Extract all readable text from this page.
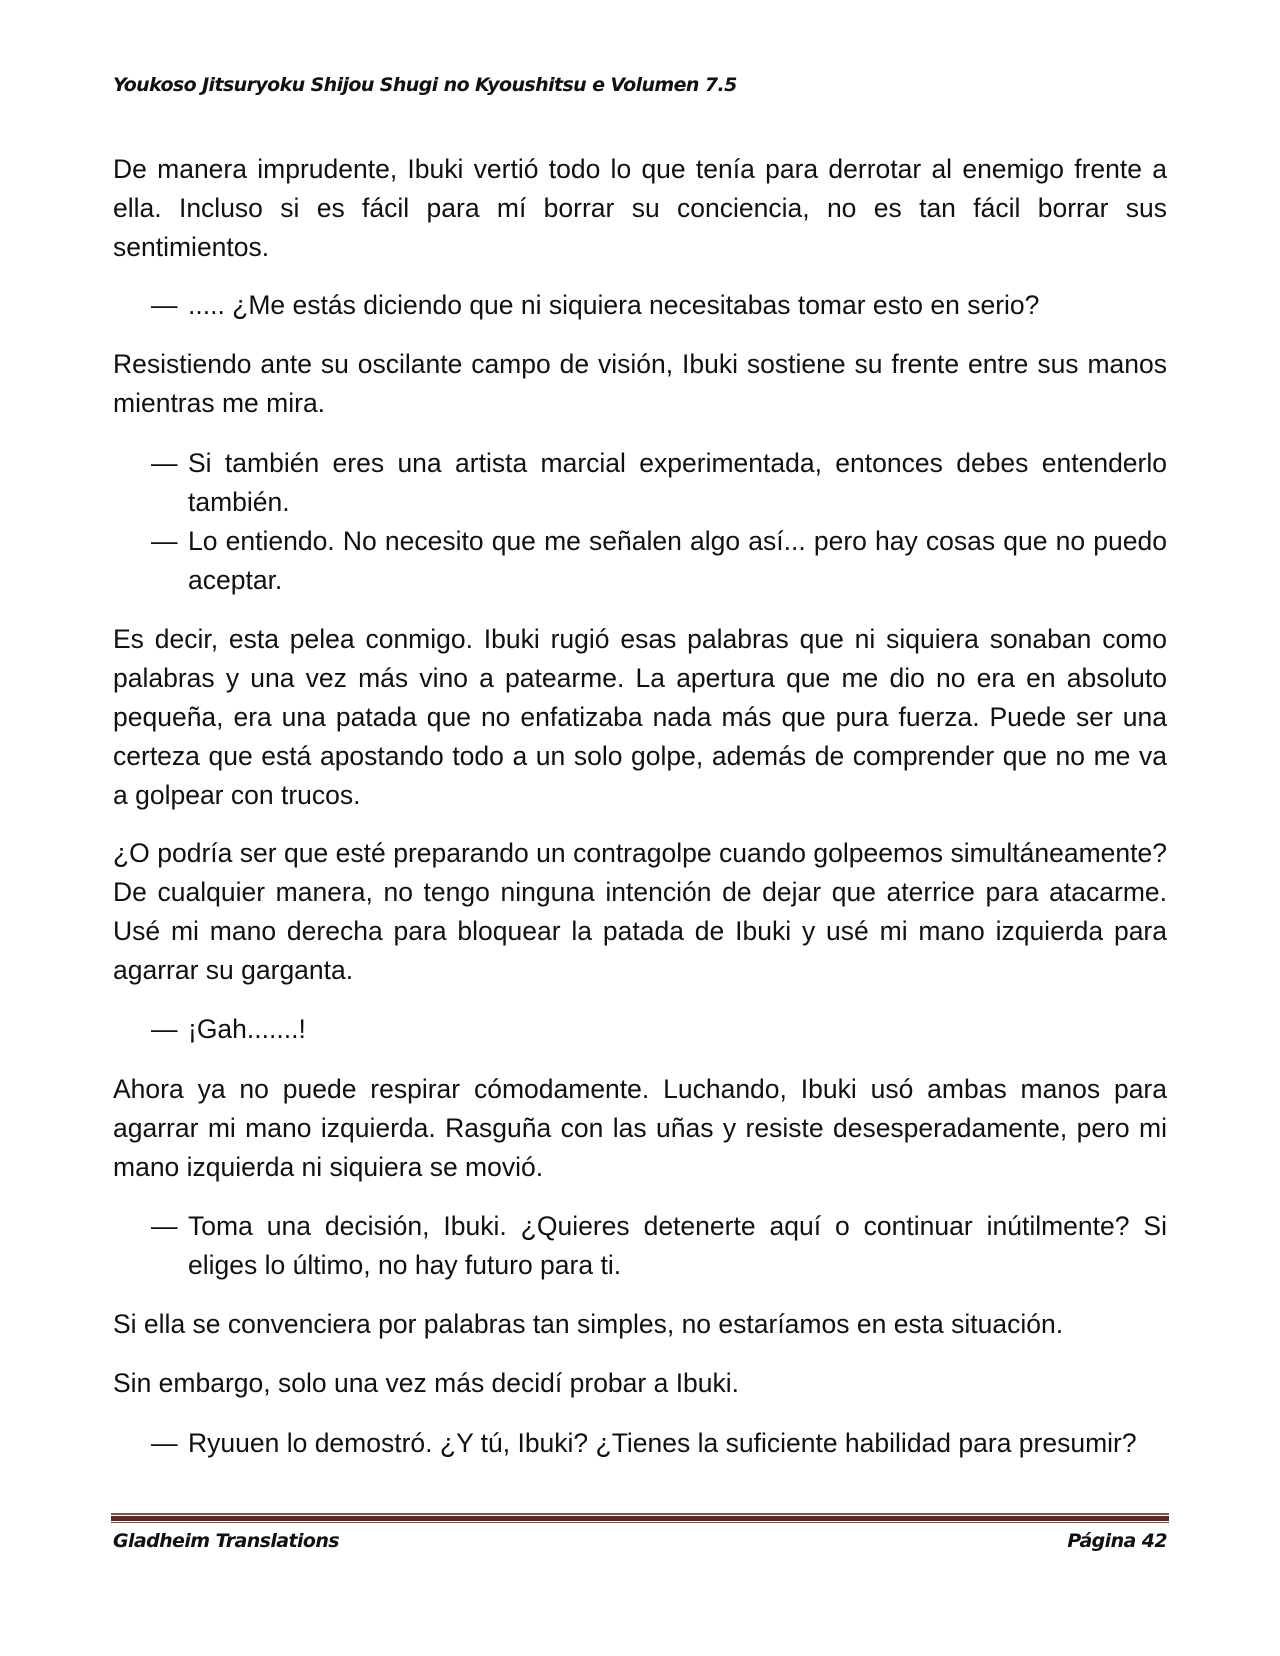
Youkoso Jitsuryoku Shijou Shugi no Kyoushitsu e Volumen 7.5
De manera imprudente, Ibuki vertió todo lo que tenía para derrotar al enemigo frente a ella. Incluso si es fácil para mí borrar su conciencia, no es tan fácil borrar sus sentimientos.
— ..... ¿Me estás diciendo que ni siquiera necesitabas tomar esto en serio?
Resistiendo ante su oscilante campo de visión, Ibuki sostiene su frente entre sus manos mientras me mira.
— Si también eres una artista marcial experimentada, entonces debes entenderlo también.
— Lo entiendo. No necesito que me señalen algo así... pero hay cosas que no puedo aceptar.
Es decir, esta pelea conmigo. Ibuki rugió esas palabras que ni siquiera sonaban como palabras y una vez más vino a patearme. La apertura que me dio no era en absoluto pequeña, era una patada que no enfatizaba nada más que pura fuerza. Puede ser una certeza que está apostando todo a un solo golpe, además de comprender que no me va a golpear con trucos.
¿O podría ser que esté preparando un contragolpe cuando golpeemos simultáneamente? De cualquier manera, no tengo ninguna intención de dejar que aterrice para atacarme. Usé mi mano derecha para bloquear la patada de Ibuki y usé mi mano izquierda para agarrar su garganta.
— ¡Gah.......!
Ahora ya no puede respirar cómodamente. Luchando, Ibuki usó ambas manos para agarrar mi mano izquierda. Rasguña con las uñas y resiste desesperadamente, pero mi mano izquierda ni siquiera se movió.
— Toma una decisión, Ibuki. ¿Quieres detenerte aquí o continuar inútilmente? Si eliges lo último, no hay futuro para ti.
Si ella se convenciera por palabras tan simples, no estaríamos en esta situación.
Sin embargo, solo una vez más decidí probar a Ibuki.
— Ryuuen lo demostró. ¿Y tú, Ibuki? ¿Tienes la suficiente habilidad para presumir?
Gladheim Translations	Página 42
